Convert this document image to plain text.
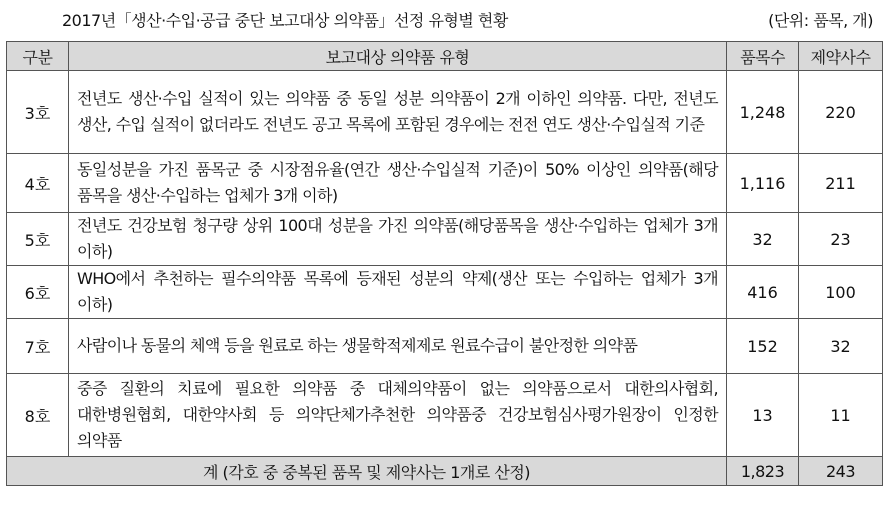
2017년「생산·수입·공급 중단 보고대상 의약품」선정 유형별 현황	(단위: 품목, 개)
구분	보고대상 의약품 유형	품목수	제약사수
3호	전년도 생산·수입 실적이 있는 의약품 중 동일 성분 의약품이 2개 이하인 의약품. 다만, 전년도 생산, 수입 실적이 없더라도 전년도 공고 목록에 포함된 경우에는 전전 연도 생산·수입실적 기준	1,248	220
4호	동일성분을 가진 품목군 중 시장점유율(연간 생산·수입실적 기준)이 50% 이상인 의약품(해당 품목을 생산·수입하는 업체가 3개 이하)	1,116	211
5호	전년도 건강보험 청구량 상위 100대 성분을 가진 의약품(해당품목을 생산·수입하는 업체가 3개 이하)	32	23
6호	WHO에서 추천하는 필수의약품 목록에 등재된 성분의 약제(생산 또는 수입하는 업체가 3개 이하)	416	100
7호	사람이나 동물의 체액 등을 원료로 하는 생물학적제제로 원료수급이 불안정한 의약품	152	32
8호	중증 질환의 치료에 필요한 의약품 중 대체의약품이 없는 의약품으로서 대한의사협회, 대한병원협회, 대한약사회 등 의약단체가추천한 의약품중 건강보험심사평가원장이 인정한 의약품	13	11
계 (각호 중 중복된 품목 및 제약사는 1개로 산정)		1,823	243
